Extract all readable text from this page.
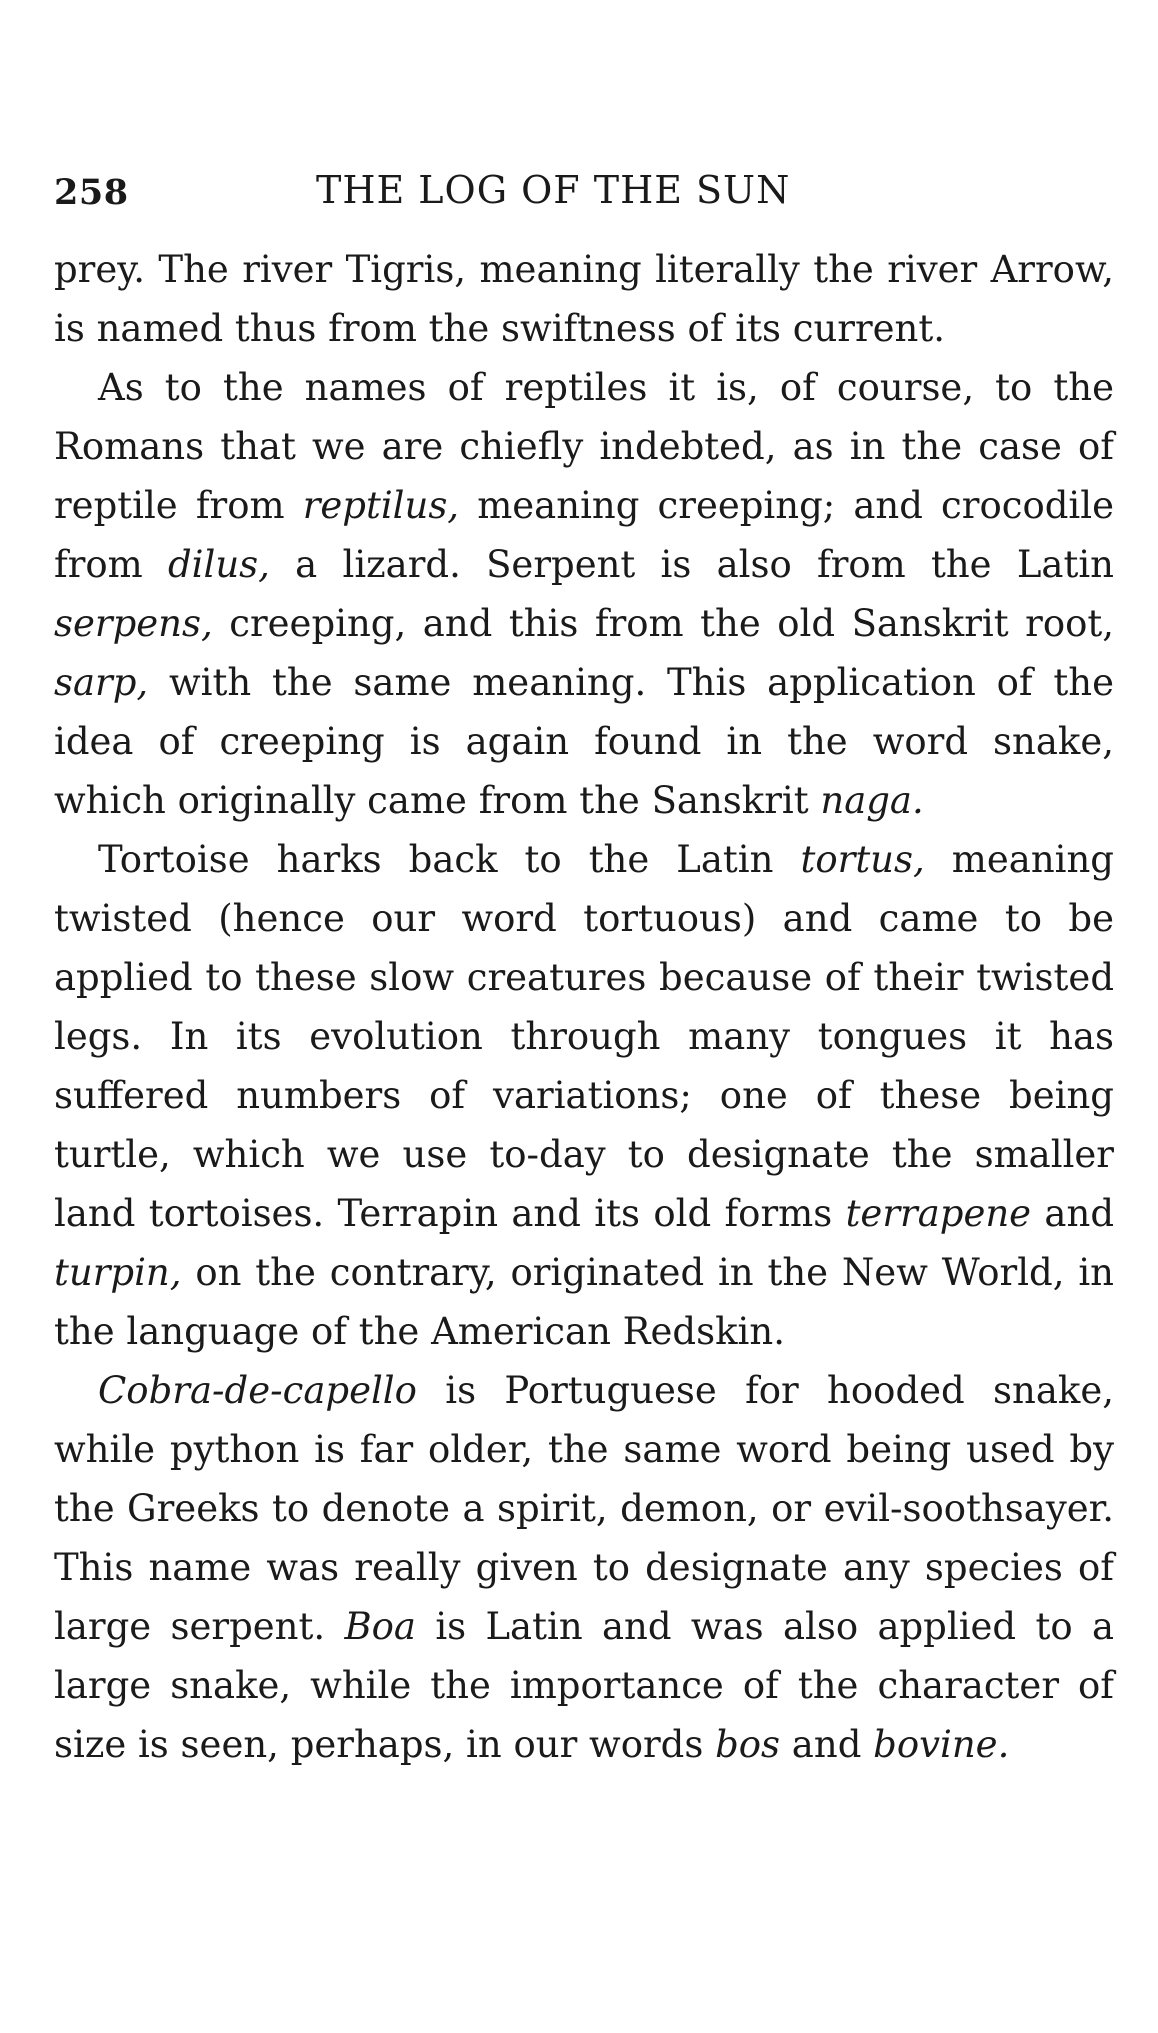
258	THE LOG OF THE SUN

prey. The river Tigris, meaning literally the river Arrow, is named thus from the swiftness of its current.

As to the names of reptiles it is, of course, to the Romans that we are chiefly indebted, as in the case of reptile from reptilus, meaning creeping; and crocodile from dilus, a lizard. Serpent is also from the Latin serpens, creeping, and this from the old Sanskrit root, sarp, with the same meaning. This application of the idea of creeping is again found in the word snake, which originally came from the Sanskrit naga.

Tortoise harks back to the Latin tortus, meaning twisted (hence our word tortuous) and came to be applied to these slow creatures because of their twisted legs. In its evolution through many tongues it has suffered numbers of variations; one of these being turtle, which we use to-day to designate the smaller land tortoises. Terrapin and its old forms terrapene and turpin, on the contrary, originated in the New World, in the language of the American Redskin.

Cobra-de-capello is Portuguese for hooded snake, while python is far older, the same word being used by the Greeks to denote a spirit, demon, or evil-soothsayer. This name was really given to designate any species of large serpent. Boa is Latin and was also applied to a large snake, while the importance of the character of size is seen, perhaps, in our words bos and bovine.
